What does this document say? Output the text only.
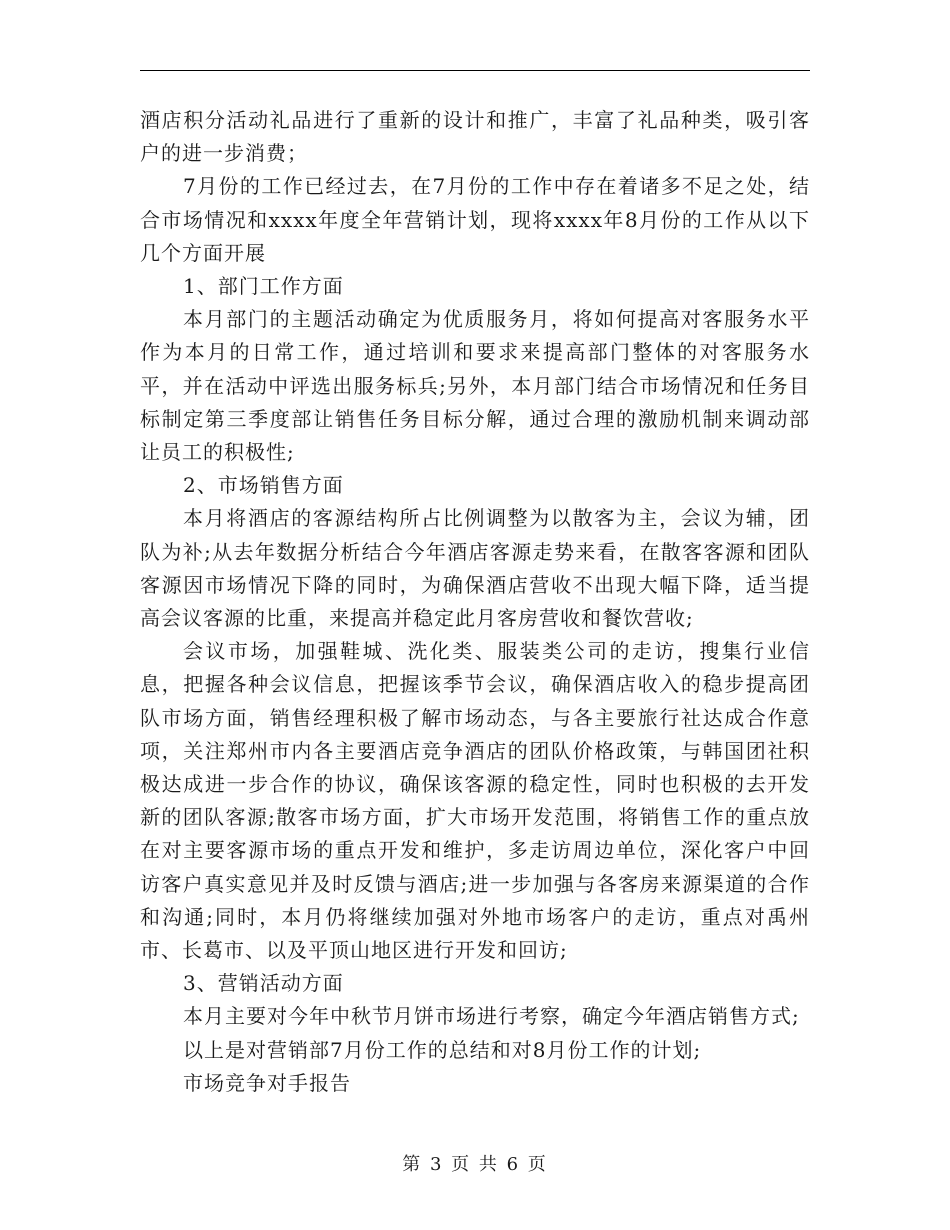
酒店积分活动礼品进行了重新的设计和推广，丰富了礼品种类，吸引客户的进一步消费；

7月份的工作已经过去，在7月份的工作中存在着诸多不足之处，结合市场情况和xxxx年度全年营销计划，现将xxxx年8月份的工作从以下几个方面开展

1、部门工作方面

本月部门的主题活动确定为优质服务月，将如何提高对客服务水平作为本月的日常工作，通过培训和要求来提高部门整体的对客服务水平，并在活动中评选出服务标兵;另外，本月部门结合市场情况和任务目标制定第三季度部让销售任务目标分解，通过合理的激励机制来调动部让员工的积极性;

2、市场销售方面

本月将酒店的客源结构所占比例调整为以散客为主，会议为辅，团队为补;从去年数据分析结合今年酒店客源走势来看，在散客客源和团队客源因市场情况下降的同时，为确保酒店营收不出现大幅下降，适当提高会议客源的比重，来提高并稳定此月客房营收和餐饮营收;

会议市场，加强鞋城、洗化类、服装类公司的走访，搜集行业信息，把握各种会议信息，把握该季节会议，确保酒店收入的稳步提高团队市场方面，销售经理积极了解市场动态，与各主要旅行社达成合作意项，关注郑州市内各主要酒店竞争酒店的团队价格政策，与韩国团社积极达成进一步合作的协议，确保该客源的稳定性，同时也积极的去开发新的团队客源;散客市场方面，扩大市场开发范围，将销售工作的重点放在对主要客源市场的重点开发和维护，多走访周边单位，深化客户中回访客户真实意见并及时反馈与酒店;进一步加强与各客房来源渠道的合作和沟通;同时，本月仍将继续加强对外地市场客户的走访，重点对禹州市、长葛市、以及平顶山地区进行开发和回访;

3、营销活动方面

本月主要对今年中秋节月饼市场进行考察，确定今年酒店销售方式;

以上是对营销部7月份工作的总结和对8月份工作的计划;

市场竞争对手报告

第 3 页 共 6 页
